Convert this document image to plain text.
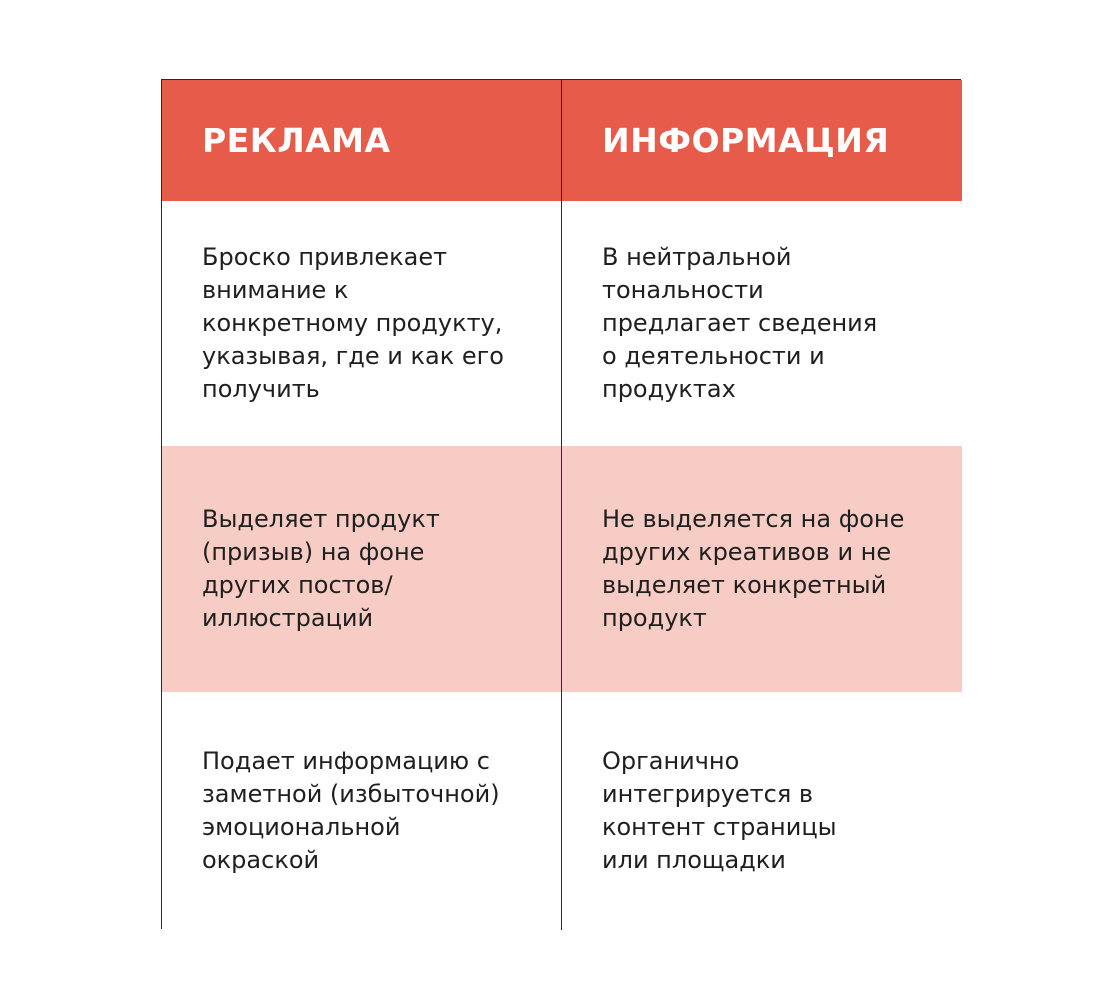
РЕКЛАМА	ИНФОРМАЦИЯ
Броско привлекает
внимание к
конкретному продукту,
указывая, где и как его
получить
В нейтральной
тональности
предлагает сведения
о деятельности и
продуктах
Выделяет продукт
(призыв) на фоне
других постов/
иллюстраций
Не выделяется на фоне
других креативов и не
выделяет конкретный
продукт
Подает информацию с
заметной (избыточной)
эмоциональной
окраской
Органично
интегрируется в
контент страницы
или площадки
